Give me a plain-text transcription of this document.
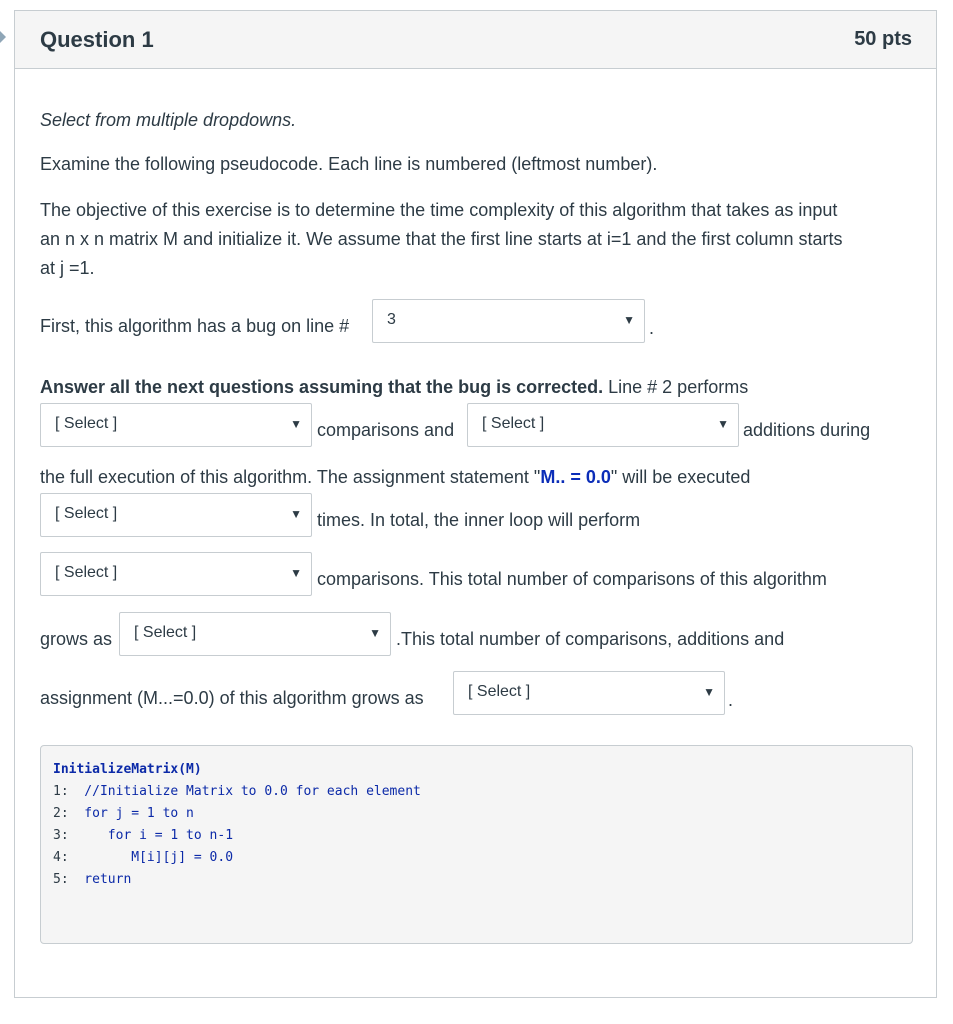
Question 1	50 pts
Select from multiple dropdowns.
Examine the following pseudocode. Each line is numbered (leftmost number).
The objective of this exercise is to determine the time complexity of this algorithm that takes as input
an n x n matrix M and initialize it. We assume that the first line starts at i=1 and the first column starts
at j =1.
First, this algorithm has a bug on line # 3	▼ .
Answer all the next questions assuming that the bug is corrected. Line # 2 performs
[ Select ]	▼ comparisons and [ Select ]	▼ additions during
the full execution of this algorithm. The assignment statement "M.. = 0.0" will be executed
[ Select ]	▼ times. In total, the inner loop will perform
[ Select ]	▼ comparisons. This total number of comparisons of this algorithm
grows as [ Select ]	▼ .This total number of comparisons, additions and
assignment (M...=0.0) of this algorithm grows as	[ Select ]	▼ .
InitializeMatrix(M)
1:  //Initialize Matrix to 0.0 for each element
2:  for j = 1 to n
3:     for i = 1 to n-1
4:        M[i][j] = 0.0
5:  return
